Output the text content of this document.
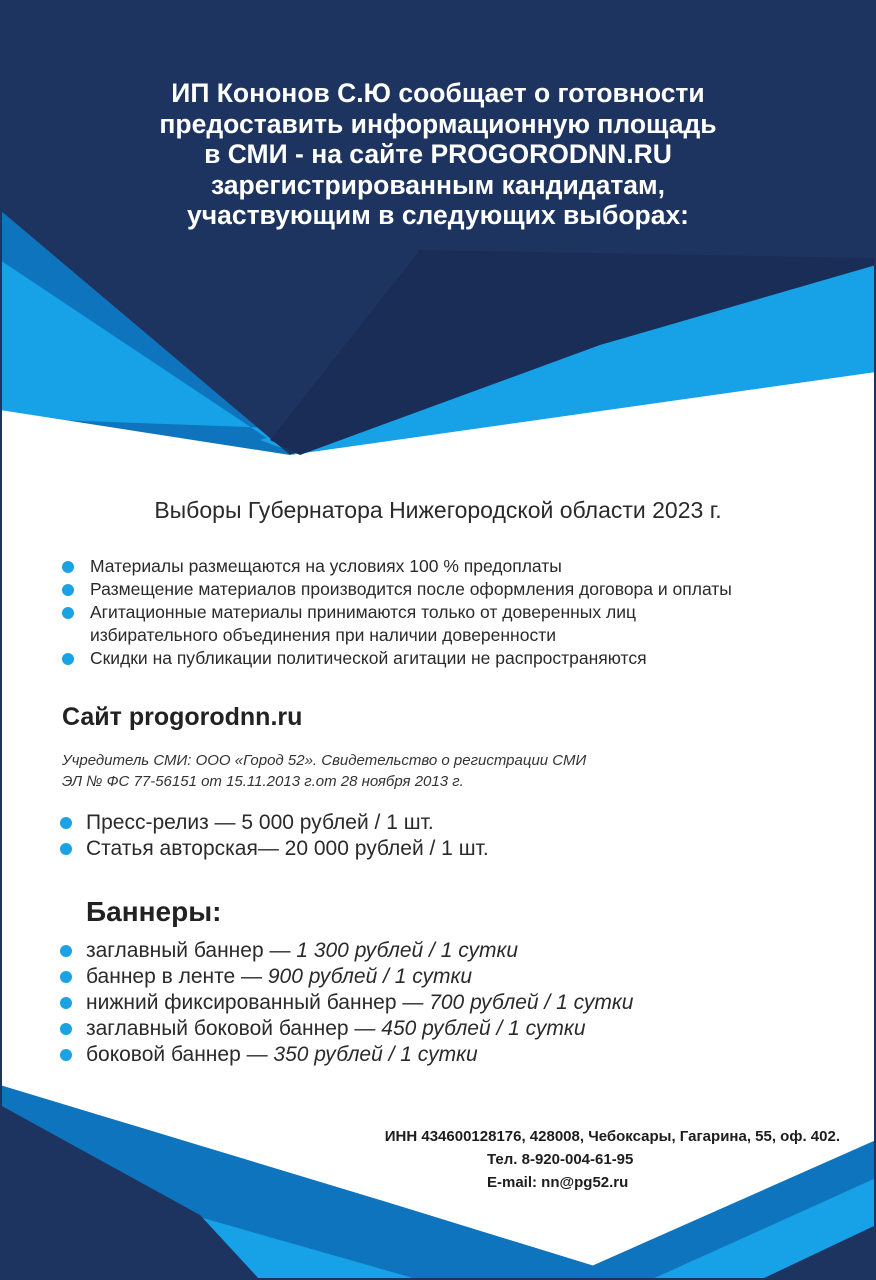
ИП Кононов С.Ю сообщает о готовности
предоставить информационную площадь
в СМИ - на сайте PROGORODNN.RU
зарегистрированным кандидатам,
участвующим в следующих выборах:
Выборы Губернатора Нижегородской области 2023 г.
Материалы размещаются на условиях 100 % предоплаты
Размещение материалов производится после оформления договора и оплаты
Агитационные материалы принимаются только от доверенных лиц избирательного объединения при наличии доверенности
Скидки на публикации политической агитации не распространяются
Сайт progorodnn.ru
Учредитель СМИ: ООО «Город 52». Свидетельство о регистрации СМИ
ЭЛ № ФС 77-56151 от 15.11.2013 г.от 28 ноября 2013 г.
Пресс-релиз — 5 000 рублей / 1 шт.
Статья авторская— 20 000 рублей / 1 шт.
Баннеры:
заглавный баннер — 1 300 рублей / 1 сутки
баннер в ленте — 900 рублей / 1 сутки
нижний фиксированный баннер — 700 рублей / 1 сутки
заглавный боковой баннер — 450 рублей / 1 сутки
боковой баннер — 350 рублей / 1 сутки
ИНН 434600128176, 428008, Чебоксары, Гагарина, 55, оф. 402.
Тел. 8-920-004-61-95
E-mail: nn@pg52.ru
